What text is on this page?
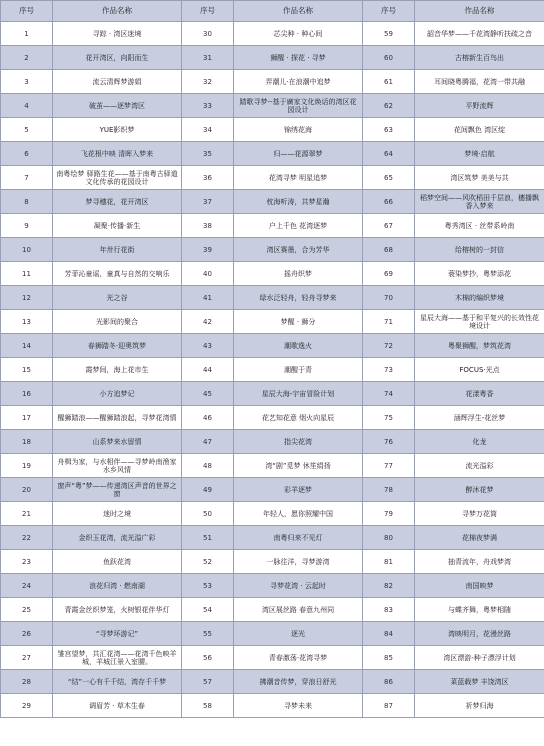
序号	作品名称	序号	作品名称	序号	作品名称
1	寻踪 · 湾区迷境	30	芯尖种 · 种心间	59	韶音华梦——千花湾静听扶疏之音
2	花开湾区，向阳而生	31	狮醒 · 探花 · 寻梦	60	古榕新生百鸟出
3	流云清辉梦游娟	32	弄潮儿·在浪潮中追梦	61	耳间晓粤腾福，花湾一带共融
4	破茧——逐梦湾区	33	踏歌寻梦--基于廣家文化焕话的湾区花园设计	62	平野流辉
5	YUE影织梦	34	锦绣花海	63	花间飘色 湾区绽
6	飞花根中映 清晖入梦来	35	归——花源翠梦	64	梦境·启航
7	南粤绘梦 驿路生花——基于南粤古驿道文化传承的花园设计	36	花湾寻梦 明星追梦	65	湾区筑梦 美美与共
8	梦寻穗花，花开湾区	37	枕海听涛，共梦星瀚	66	稻梦空间——风吹稻田千层浪，穗播飘香入梦来
9	凝聚·传播·新生	38	户上千色 花湾逐梦	67	粤秀湾区 · 丝带系岭南
10	年卅行花街	39	湾区赛墨，合为芳华	68	给榕树的一封信
11	芳菲沁童谣，童真与自然的交响乐	40	摇舟织梦	69	蓑染梦抄，粤梦添花
12	光之谷	41	绿水泛轻舟，轻舟寻梦来	70	木棉的编织梦境
13	光影间的聚合	42	梦醒 · 狮分	71	星辰大海——基于和平复兴的长效性花境设计
14	春狮踏冬·迎奥筑梦	43	潮歌逸火	72	粤聚狮醒，梦筑花湾
15	霞梦间，海上花市生	44	潮醒于青	73	FOCUS·光点
16	小方追梦记	45	星辰大海-宇宙冒险计划	74	花漾粤香
17	醒狮踏浪——醒狮踏浪起，寻梦花湾情	46	花艺知花意 烟火向星辰	75	涵辉浮生-花丝梦
18	山系梦来水留情	47	指尖花湾	76	化龙
19	舟楫为家，与水相伴——寻梦岭南渔家水乡风情	48	湾“剧”觅梦 休笙绢扬	77	流光溢彩
20	窗声“粤”梦——传递湾区声音的世界之窗	49	彩羊逐梦	78	醉沐花梦
21	迷时之境	50	年轻人，愿你照耀中国	79	寻梦万花筒
22	金织玉花湾，流光溢广彩	51	南粤归来不见灯	80	花棉夜梦满
23	鱼跃花湾	52	一脉往洋，寻梦游湾	81	抽青流年，舟戏梦湾
24	浪花归湾 · 燃南湖	53	寻梦花湾 · 云起时	82	南国映梦
25	青霞金丝织梦笼，火树银花伴华灯	54	湾区展丝路 春意九州同	83	与蝶齐舞，粤梦相随
26	“寻梦环游记”	55	逐光	84	湾映明月，花漫丝路
27	雏宫望梦，共汇花湾——花湾千色映羊城，羊城江景入室腰。	56	青春激荡·花湾寻梦	85	湾区漂游-种子漂浮计划
28	“结”一心有千千结，湾存千千梦	57	拂潮音传梦，穿浪日舒光	86	菜蓝载梦 丰饶湾区
29	调眉芳 · 草木生春	58	寻梦未来	87	祈梦归海
